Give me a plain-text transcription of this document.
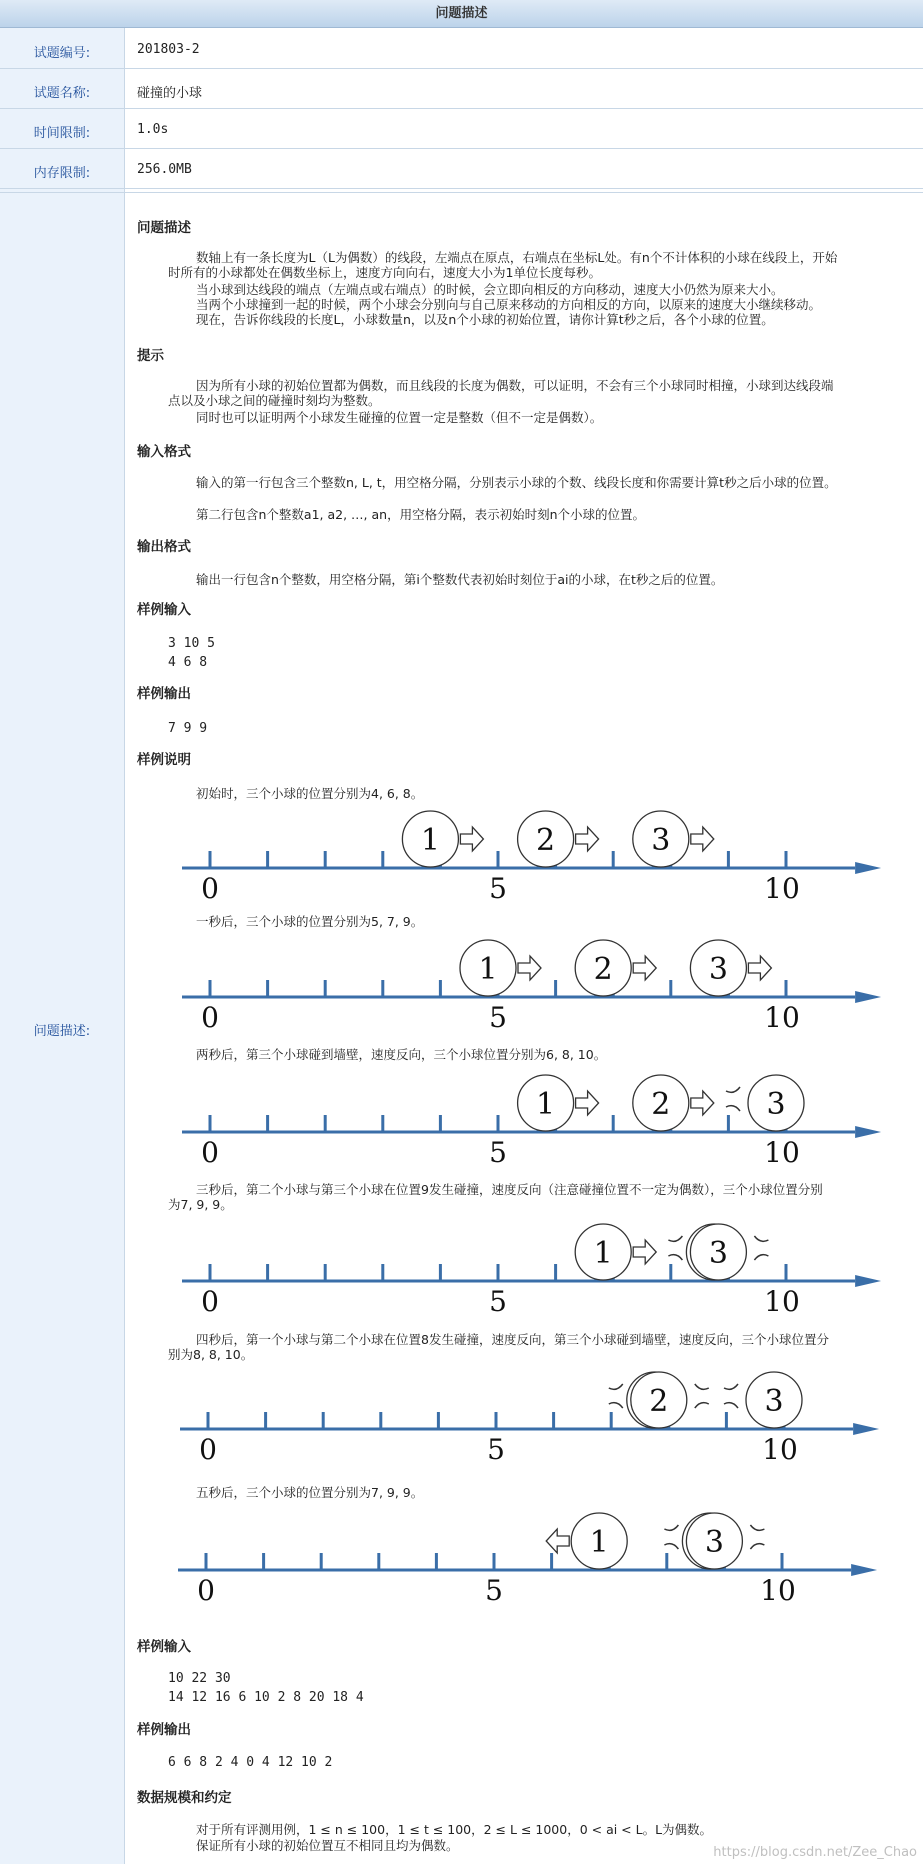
问题描述
试题编号:	201803-2
试题名称:	碰撞的小球
时间限制:	1.0s
内存限制:	256.0MB
问题描述:
问题描述
数轴上有一条长度为L（L为偶数）的线段，左端点在原点，右端点在坐标L处。有n个不计体积的小球在线段上，开始
时所有的小球都处在偶数坐标上，速度方向向右，速度大小为1单位长度每秒。
当小球到达线段的端点（左端点或右端点）的时候，会立即向相反的方向移动，速度大小仍然为原来大小。
当两个小球撞到一起的时候，两个小球会分别向与自己原来移动的方向相反的方向，以原来的速度大小继续移动。
现在，告诉你线段的长度L，小球数量n，以及n个小球的初始位置，请你计算t秒之后，各个小球的位置。
提示
因为所有小球的初始位置都为偶数，而且线段的长度为偶数，可以证明，不会有三个小球同时相撞，小球到达线段端
点以及小球之间的碰撞时刻均为整数。
同时也可以证明两个小球发生碰撞的位置一定是整数（但不一定是偶数）。
输入格式
输入的第一行包含三个整数n, L, t，用空格分隔，分别表示小球的个数、线段长度和你需要计算t秒之后小球的位置。
第二行包含n个整数a1, a2, …, an，用空格分隔，表示初始时刻n个小球的位置。
输出格式
输出一行包含n个整数，用空格分隔，第i个整数代表初始时刻位于ai的小球，在t秒之后的位置。
样例输入
3 10 5
4 6 8
样例输出
7 9 9
样例说明
初始时，三个小球的位置分别为4, 6, 8。
一秒后，三个小球的位置分别为5, 7, 9。
两秒后，第三个小球碰到墙壁，速度反向，三个小球位置分别为6, 8, 10。
三秒后，第二个小球与第三个小球在位置9发生碰撞，速度反向（注意碰撞位置不一定为偶数），三个小球位置分别
为7, 9, 9。
四秒后，第一个小球与第二个小球在位置8发生碰撞，速度反向，第三个小球碰到墙壁，速度反向，三个小球位置分
别为8, 8, 10。
五秒后，三个小球的位置分别为7, 9, 9。
0	5	10
1	2	3
0	5	10
1	2	3
0	5	10
1	2	3
0	5	10
1	3
0	5	10
2	3
0	5	10
1	3
样例输入
10 22 30
14 12 16 6 10 2 8 20 18 4
样例输出
6 6 8 2 4 0 4 12 10 2
数据规模和约定
对于所有评测用例，1 ≤ n ≤ 100，1 ≤ t ≤ 100，2 ≤ L ≤ 1000，0 < ai < L。L为偶数。
保证所有小球的初始位置互不相同且均为偶数。	https://blog.csdn.net/Zee_Chao
